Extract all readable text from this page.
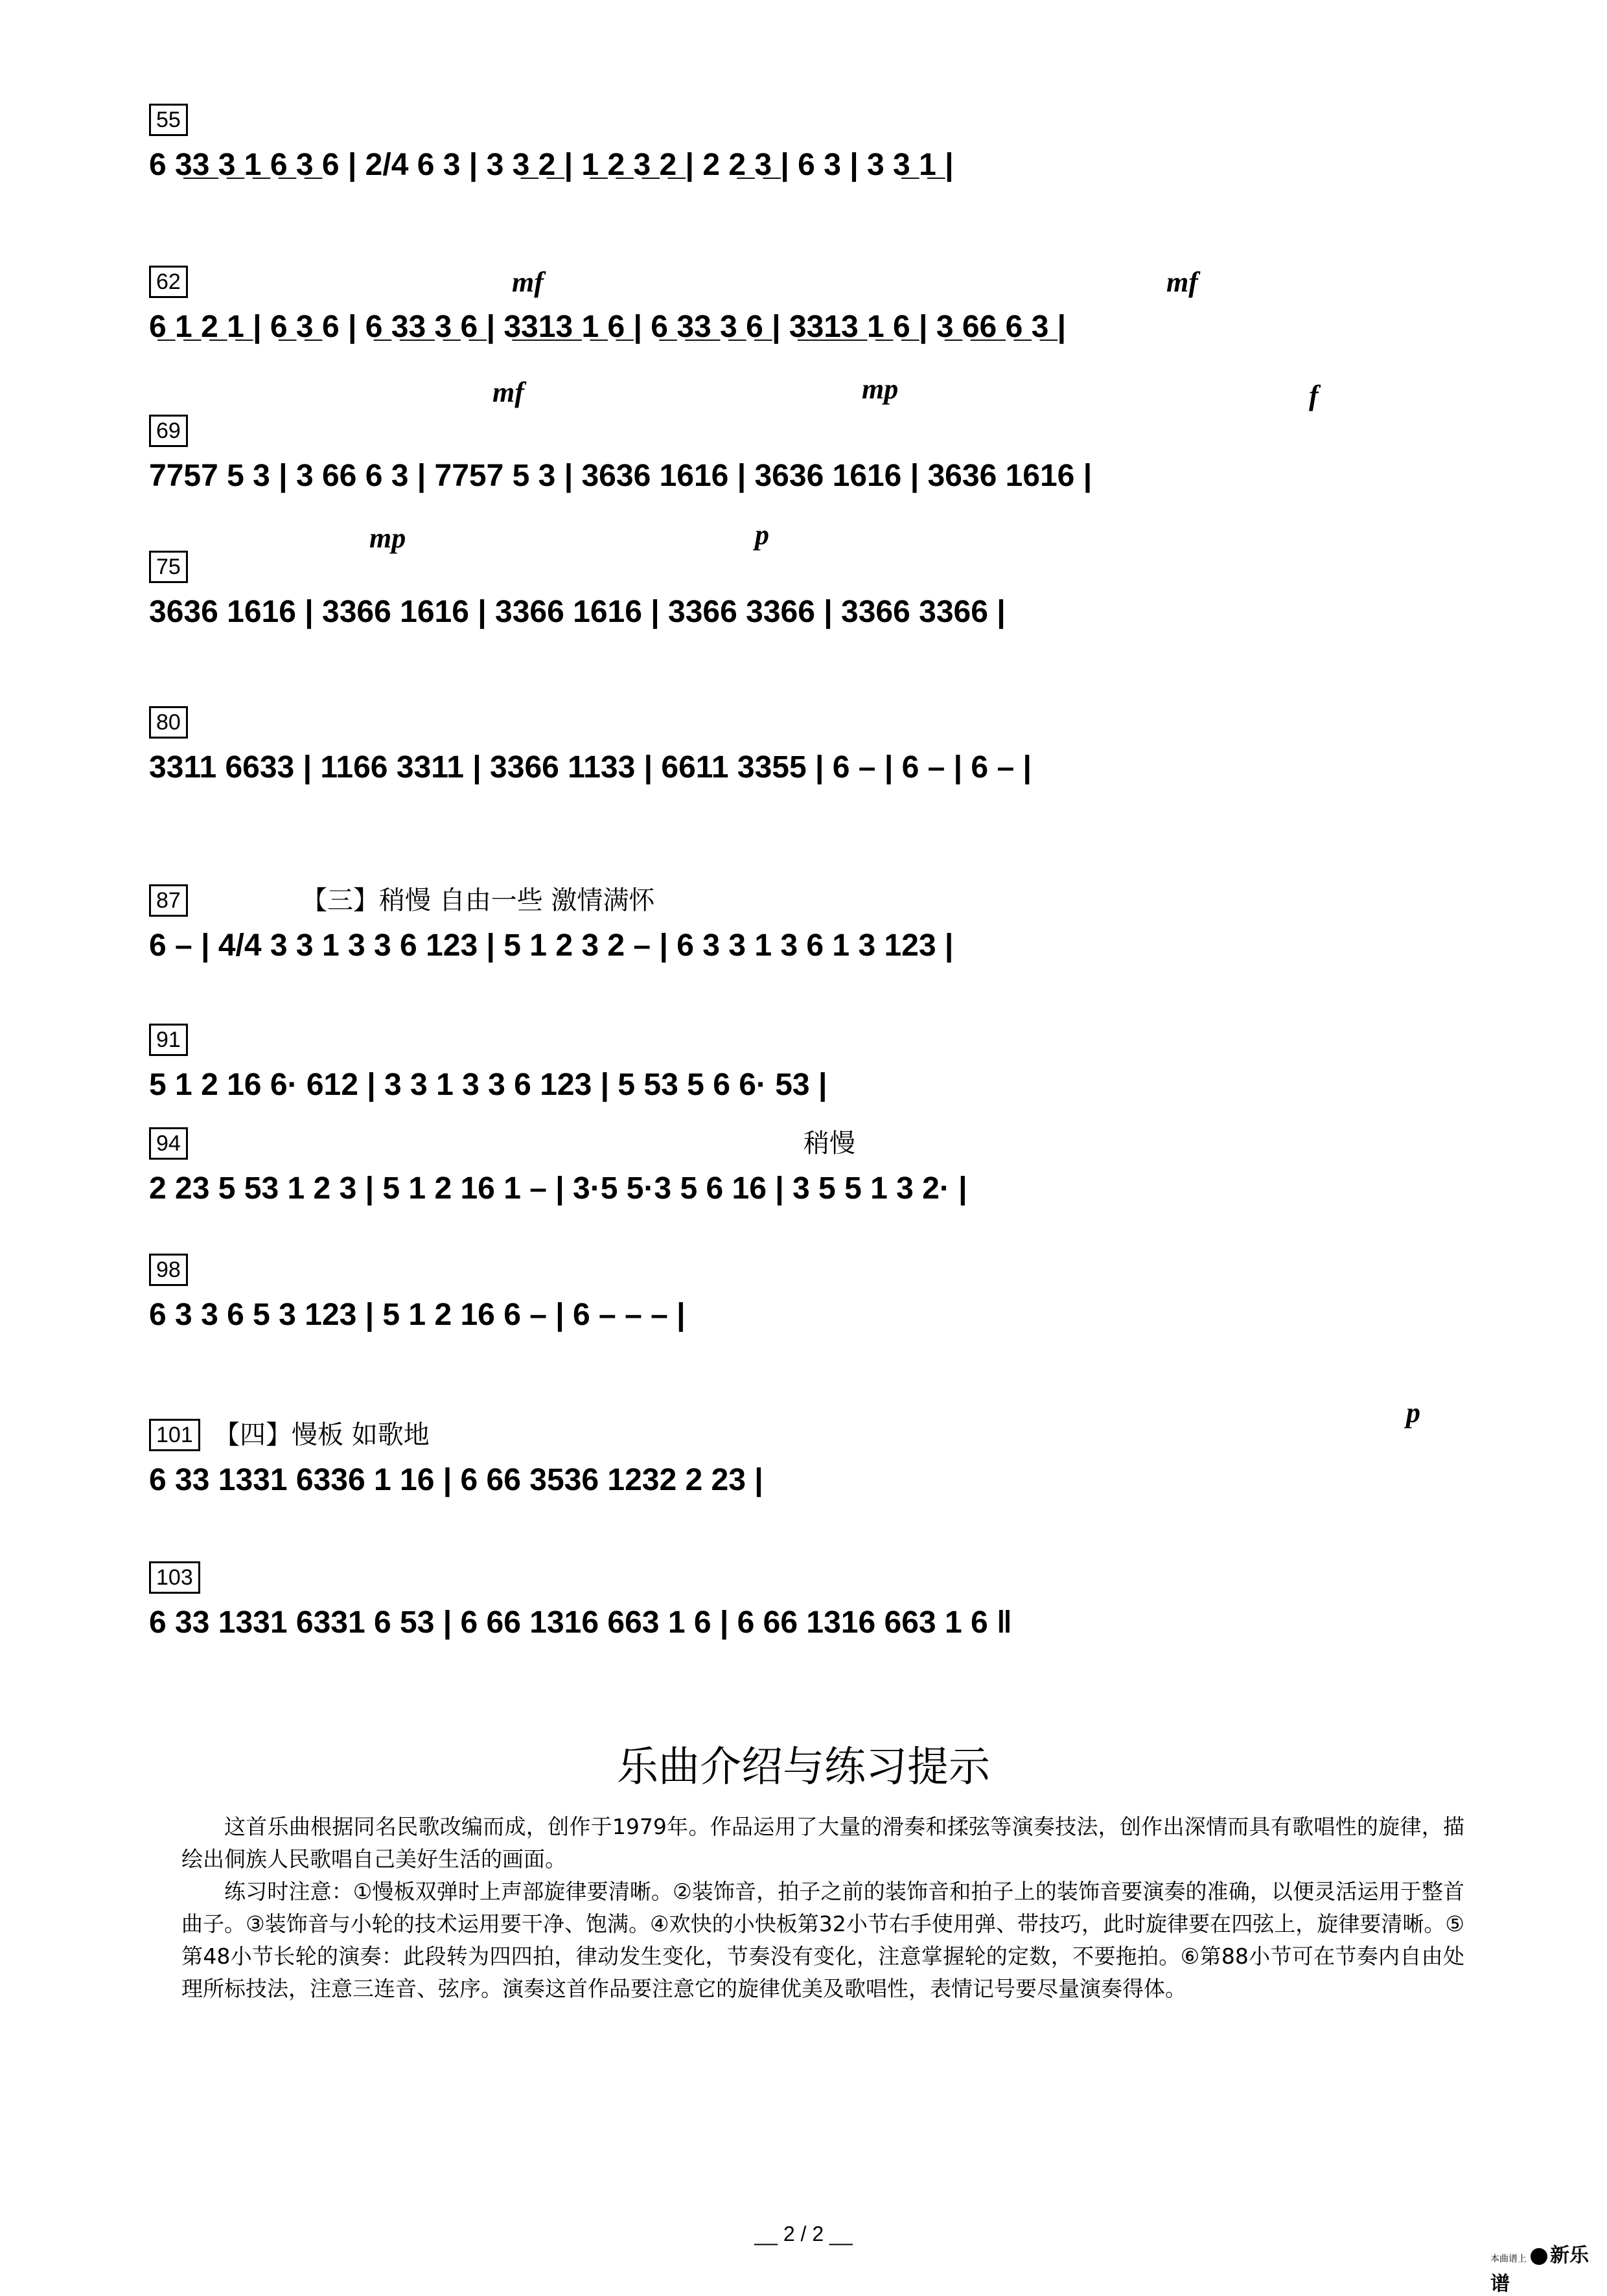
55
6 3̲3̲ 3̲ 1̲ 6̲ 3̲ 6 | 2/4 6 3 | 3 3̲ 2̲ | 1̲ 2̲ 3̲ 2̲ | 2 2̲ 3̲ | 6 3 | 3 3̲ 1̲ |
mf	mf
62
6̲ 1̲ 2̲ 1̲ | 6̲ 3̲ 6 | 6̲ 3̲3̲ 3̲ 6̲ | 3̲3̲1̲3̲ 1̲ 6̲ | 6̲ 3̲3̲ 3̲ 6̲ | 3̲3̲1̲3̲ 1̲ 6̲ | 3̲ 6̲6̲ 6̲ 3̲ |
mf	mp	f
69
7757 5 3 | 3 66 6 3 | 7757 5 3 | 3636 1616 | 3636 1616 | 3636 1616 |
mp	p
75
3636 1616 | 3366 1616 | 3366 1616 | 3366 3366 | 3366 3366 |
80
3311 6633 | 1166 3311 | 3366 1133 | 6611 3355 | 6 – | 6 – | 6 – |
87	【三】稍慢 自由一些 激情满怀
6 – | 4/4 3 3 1 3 3 6 123 | 5 1 2 3 2 – | 6 3 3 1 3 6 1 3 123 |
91
5 1 2 16 6· 612 | 3 3 1 3 3 6 123 | 5 53 5 6 6· 53 |
94	稍慢
2 23 5 53 1 2 3 | 5 1 2 16 1 – | 3·5 5·3 5 6 16 | 3 5 5 1 3 2· |
98
6 3 3 6 5 3 123 | 5 1 2 16 6 – | 6 – – – |
p
101 【四】慢板 如歌地
6 33 1331 6336 1 16 | 6 66 3536 1232 2 23 |
103
6 33 1331 6331 6 53 | 6 66 1316 663 1 6 | 6 66 1316 663 1 6 ‖
乐曲介绍与练习提示

这首乐曲根据同名民歌改编而成，创作于1979年。作品运用了大量的滑奏和揉弦等演奏技法，创作出深情而具有歌唱性的旋律，描绘出侗族人民歌唱自己美好生活的画面。

练习时注意：①慢板双弹时上声部旋律要清晰。②装饰音，拍子之前的装饰音和拍子上的装饰音要演奏的准确，以便灵活运用于整首曲子。③装饰音与小轮的技术运用要干净、饱满。④欢快的小快板第32小节右手使用弹、带技巧，此时旋律要在四弦上，旋律要清晰。⑤第48小节长轮的演奏：此段转为四四拍，律动发生变化，节奏没有变化，注意掌握轮的定数，不要拖拍。⑥第88小节可在节奏内自由处理所标技法，注意三连音、弦序。演奏这首作品要注意它的旋律优美及歌唱性，表情记号要尽量演奏得体。

__ 2 / 2 __
本曲谱上 新乐谱
